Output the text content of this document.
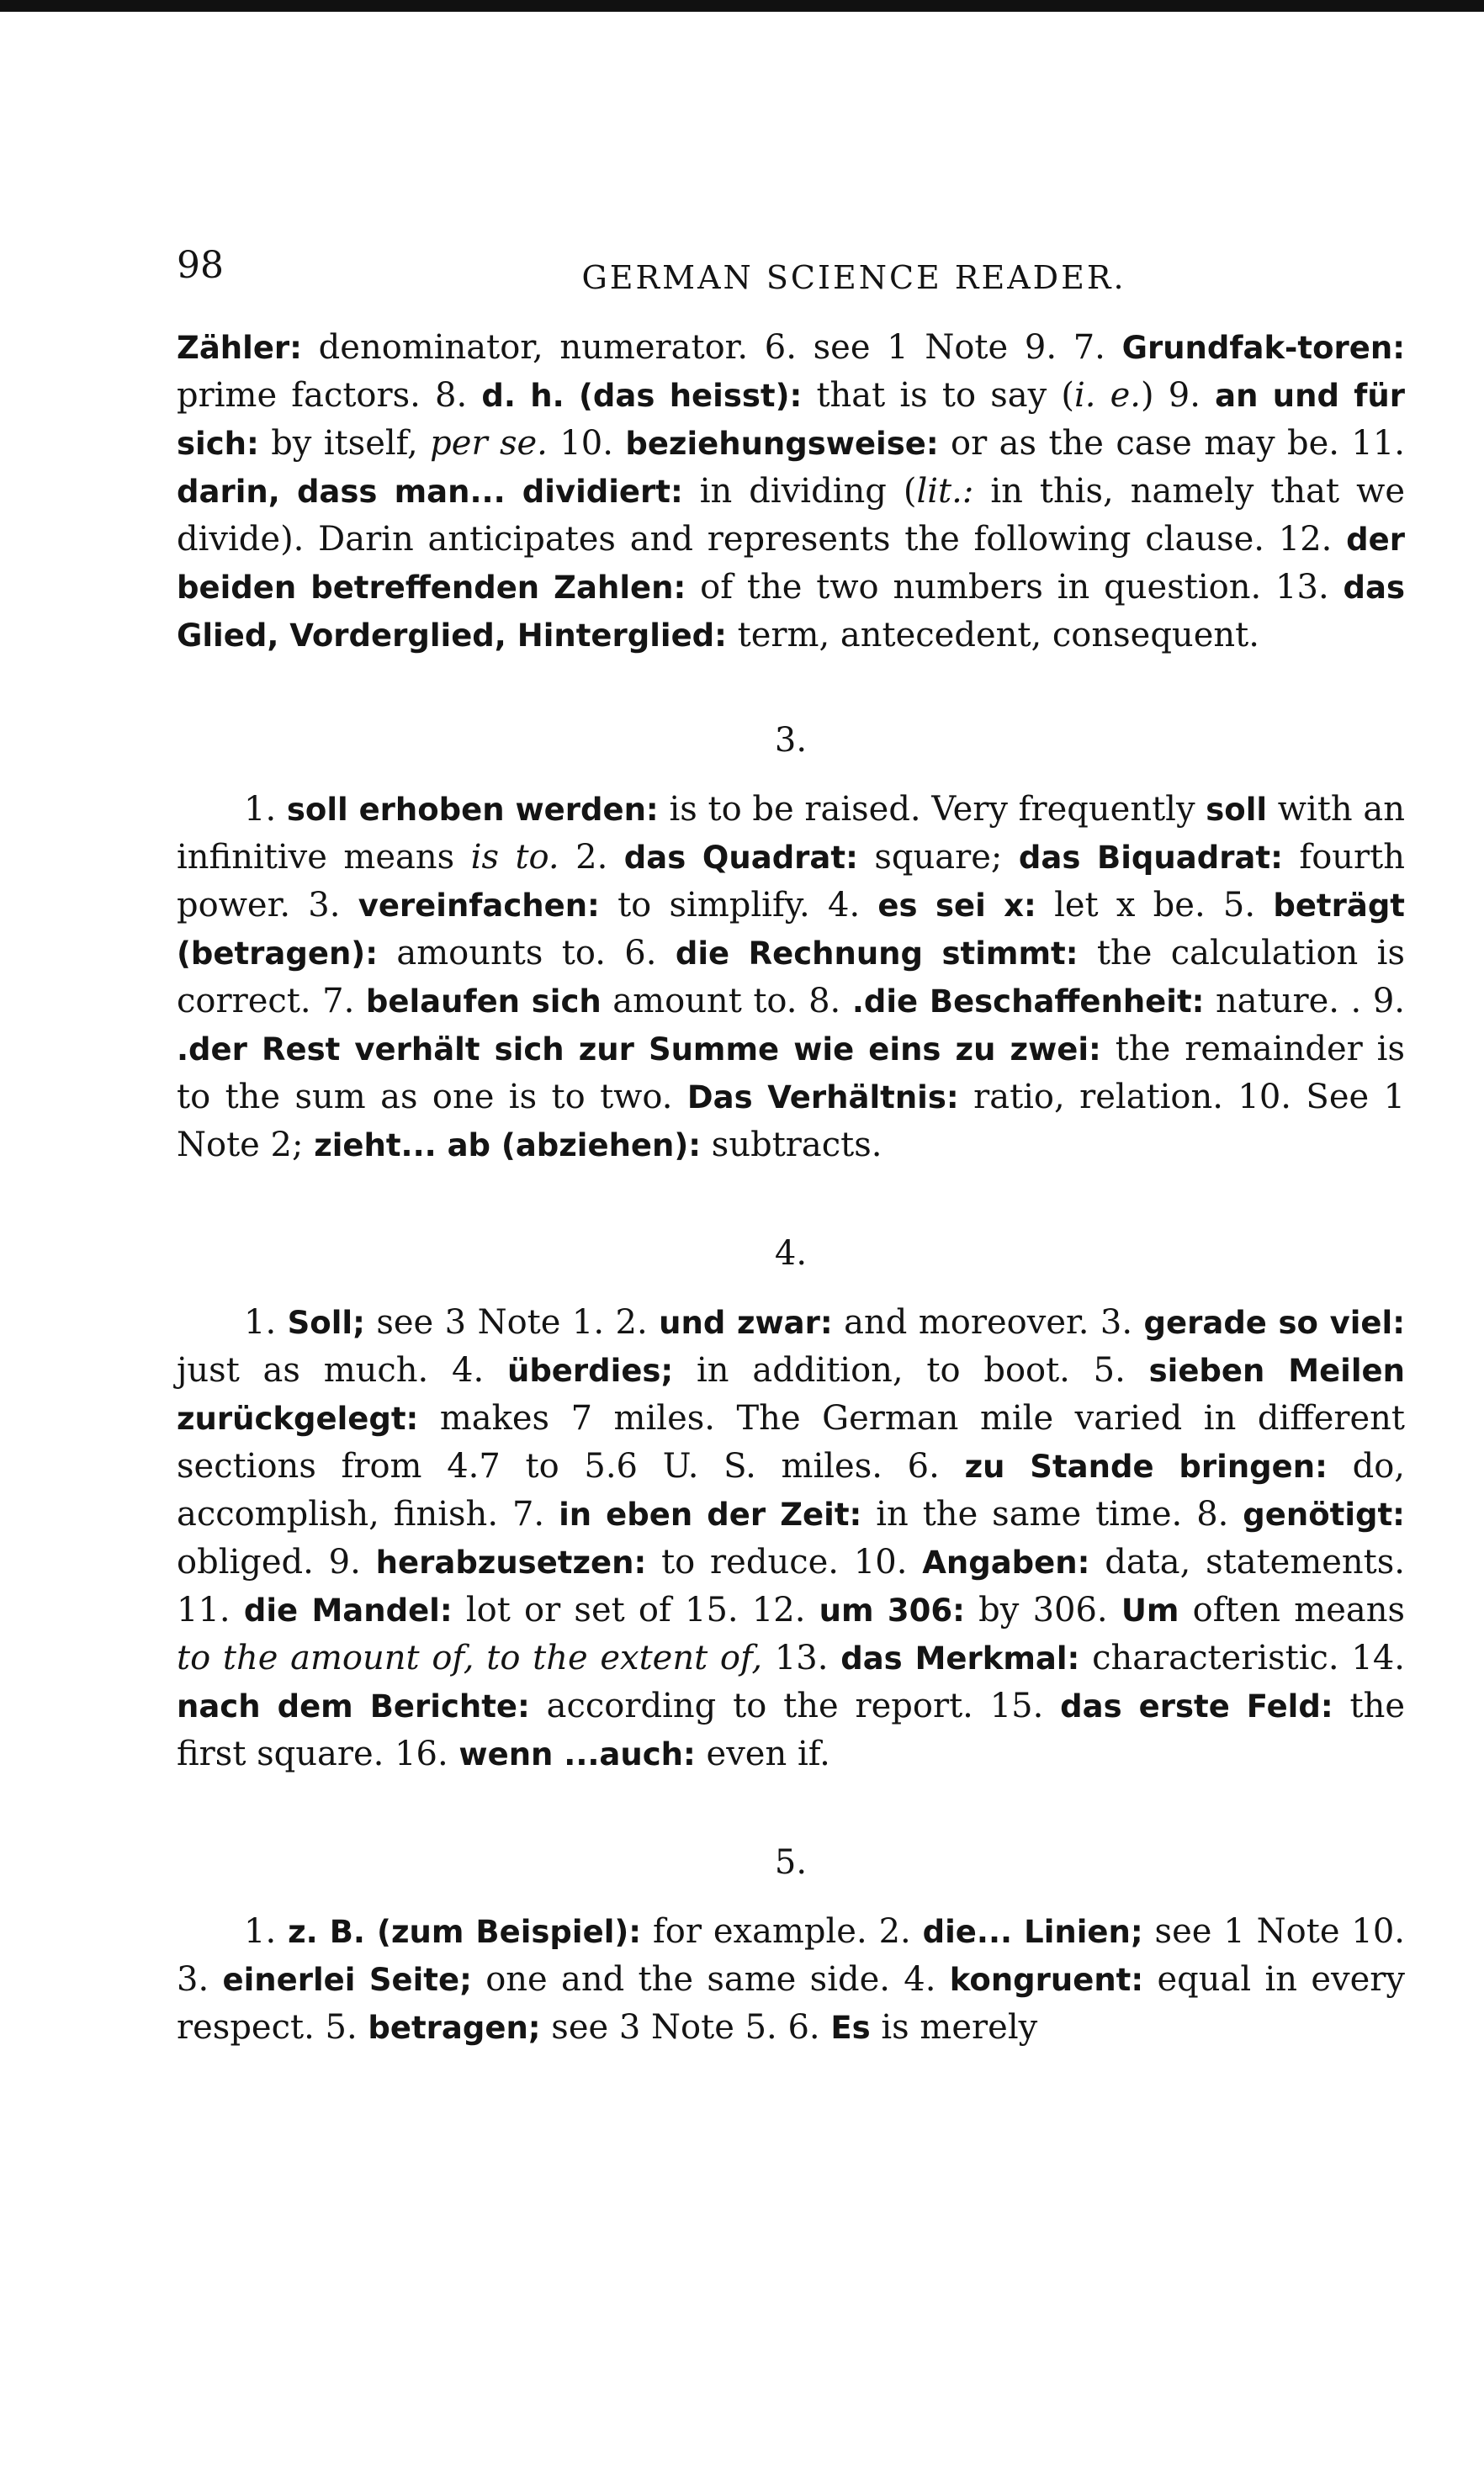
98	GERMAN SCIENCE READER.

Zähler: denominator, numerator. 6. see 1 Note 9. 7. Grundfak-toren: prime factors. 8. d. h. (das heisst): that is to say (i. e.) 9. an und für sich: by itself, per se. 10. beziehungsweise: or as the case may be. 11. darin, dass man... dividiert: in dividing (lit.: in this, namely that we divide). Darin anticipates and represents the following clause. 12. der beiden betreffenden Zahlen: of the two numbers in question. 13. das Glied, Vorderglied, Hinterglied: term, antecedent, consequent.

3.

1. soll erhoben werden: is to be raised. Very frequently soll with an infinitive means is to. 2. das Quadrat: square; das Biquadrat: fourth power. 3. vereinfachen: to simplify. 4. es sei x: let x be. 5. beträgt (betragen): amounts to. 6. die Rechnung stimmt: the calculation is correct. 7. belaufen sich amount to. 8. .die Beschaffenheit: nature. . 9. .der Rest verhält sich zur Summe wie eins zu zwei: the remainder is to the sum as one is to two. Das Verhältnis: ratio, relation. 10. See 1 Note 2; zieht... ab (abziehen): subtracts.

4.

1. Soll; see 3 Note 1. 2. und zwar: and moreover. 3. gerade so viel: just as much. 4. überdies; in addition, to boot. 5. sieben Meilen zurückgelegt: makes 7 miles. The German mile varied in different sections from 4.7 to 5.6 U. S. miles. 6. zu Stande bringen: do, accomplish, finish. 7. in eben der Zeit: in the same time. 8. genötigt: obliged. 9. herabzusetzen: to reduce. 10. Angaben: data, statements. 11. die Mandel: lot or set of 15. 12. um 306: by 306. Um often means to the amount of, to the extent of, 13. das Merkmal: characteristic. 14. nach dem Berichte: according to the report. 15. das erste Feld: the first square. 16. wenn ...auch: even if.

5.

1. z. B. (zum Beispiel): for example. 2. die... Linien; see 1 Note 10. 3. einerlei Seite; one and the same side. 4. kongruent: equal in every respect. 5. betragen; see 3 Note 5. 6. Es is merely
